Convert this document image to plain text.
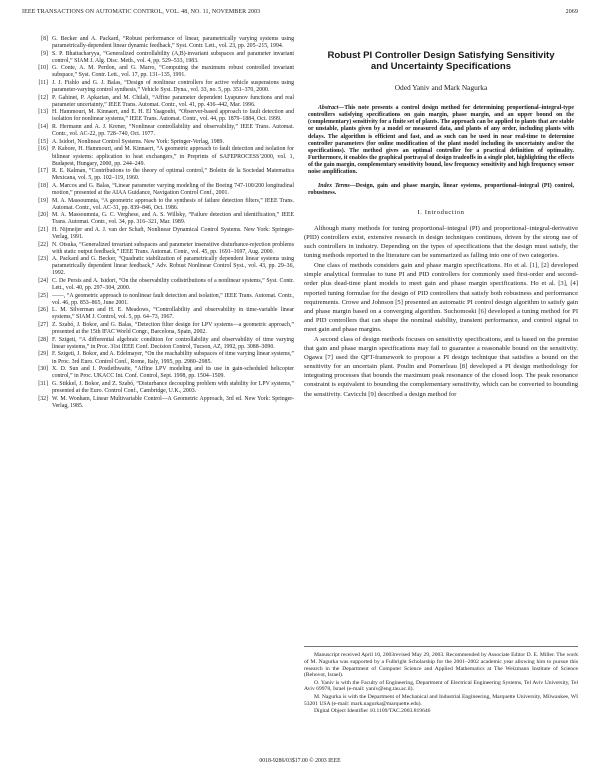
IEEE TRANSACTIONS ON AUTOMATIC CONTROL, VOL. 48, NO. 11, NOVEMBER 2003	2069
[8] G. Becker and A. Packard, “Robust performance of linear, parametrically varying systems using parametrically-dependent linear dynamic feedback,” Syst. Contr. Lett., vol. 23, pp. 205–215, 1994.
[9] S. P. Bhattacharyya, “Generalized controllability (A,B)-invariant subspaces and parameter invariant control,” SIAM J. Alg. Disc. Meth., vol. 4, pp. 529–533, 1983.
[10] G. Conte, A. M. Perdon, and G. Marro, “Computing the maximum robust controlled invariant subspace,” Syst. Contr. Lett., vol. 17, pp. 131–135, 1991.
[11] J. J. Fishlo and G. J. Balas, “Design of nonlinear controllers for active vehicle suspensions using parameter-varying control synthesis,” Vehicle Syst. Dyna., vol. 33, no. 5, pp. 351–370, 2000.
[12] P. Gahinet, P. Apkarian, and M. Chilali, “Affine parameter dependent Lyapunov functions and real parameter uncertainty,” IEEE Trans. Automat. Contr., vol. 41, pp. 436–442, Mar. 1996.
[13] H. Hammouri, M. Kinnaert, and E. H. El Yaagoubi, “Observer-based approach to fault detection and isolation for nonlinear systems,” IEEE Trans. Automat. Contr., vol. 44, pp. 1879–1884, Oct. 1999.
[14] R. Hermann and A. J. Krener, “Nonlinear controllability and observability,” IEEE Trans. Automat. Contr., vol. AC-22, pp. 728–740, Oct. 1977.
[15] A. Isidori, Nonlinear Control Systems. New York: Springer-Verlag, 1989.
[16] P. Kabore, H. Hammouri, and M. Kinnaert, “A geometric approach to fault detection and isolation for bilinear systems: application to heat exchangers,” in Preprints of SAFEPROCESS’2000, vol. 1, Budapest, Hungary, 2000, pp. 244–249.
[17] R. E. Kalman, “Contributions to the theory of optimal control,” Boletin de la Sociedad Matematica Mexicana, vol. 5, pp. 102–119, 1960.
[18] A. Marcos and G. Balas, “Linear parameter varying modeling of the Boeing 747-100/200 longitudinal motion,” presented at the AIAA Guidance, Navigation Control Conf., 2001.
[19] M. A. Massoumnia, “A geometric approach to the synthesis of failure detection filters,” IEEE Trans. Automat. Contr., vol. AC-31, pp. 839–846, Oct. 1986.
[20] M. A. Massoumnia, G. C. Verghese, and A. S. Willsky, “Failure detection and identification,” IEEE Trans. Automat. Contr., vol. 34, pp. 316–321, Mar. 1989.
[21] H. Nijmeijer and A. J. van der Schaft, Nonlinear Dynamical Control Systems. New York: Springer-Verlag, 1991.
[22] N. Otsuka, “Generalized invariant subspaces and parameter insensitive disturbance-rejection problems with static output feedback,” IEEE Trans. Automat. Contr., vol. 45, pp. 1691–1697, Aug. 2000.
[23] A. Packard and G. Becker, “Quadratic stabilization of parametrically dependent linear systems using parametrically dependent linear feedback,” Adv. Robust Nonlinear Control Syst., vol. 43, pp. 29–36, 1992.
[24] C. De Persis and A. Isidori, “On the observability codistributions of a nonlinear systems,” Syst. Contr. Lett., vol. 40, pp. 297–304, 2000.
[25] ——, “A geometric approach to nonlinear fault detection and isolation,” IEEE Trans. Automat. Contr., vol. 46, pp. 853–865, June 2001.
[26] L. M. Silverman and H. E. Meadows, “Controllability and observability in time-variable linear systems,” SIAM J. Control, vol. 5, pp. 64–73, 1967.
[27] Z. Szabó, J. Bokor, and G. Balas, “Detection filter design for LPV systems—a geometric approach,” presented at the 15th IFAC World Congr., Barcelona, Spain, 2002.
[28] F. Szigeti, “A differential algebraic condition for controllability and observability of time varying linear systems,” in Proc. 31st IEEE Conf. Decision Control, Tucson, AZ, 1992, pp. 3088–3090.
[29] F. Szigeti, J. Bokor, and A. Edelmayer, “On the reachability subspaces of time varying linear systems,” in Proc. 3rd Euro. Control Conf., Rome, Italy, 1995, pp. 2980–2985.
[30] X. D. Sun and I. Postlethwaite, “Affine LPV modeling and its use in gain-scheduled helicopter control,” in Proc. UKACC Int. Conf. Control, Sept. 1998, pp. 1504–1509.
[31] G. Stikkel, J. Bokor, and Z. Szabó, “Disturbance decoupling problem with stability for LPV systems,” presented at the Euro. Control Conf., Cambridge, U.K., 2003.
[32] W. M. Wonham, Linear Multivariable Control—A Geometric Approach, 3rd ed. New York: Springer-Verlag, 1985.
Robust PI Controller Design Satisfying Sensitivity and Uncertainty Specifications
Oded Yaniv and Mark Nagurka
Abstract—This note presents a control design method for determining proportional–integral-type controllers satisfying specifications on gain margin, phase margin, and an upper bound on the (complementary) sensitivity for a finite set of plants. The approach can be applied to plants that are stable or unstable, plants given by a model or measured data, and plants of any order, including plants with delays. The algorithm is efficient and fast, and as such can be used in near real-time to determine controller parameters (for online modification of the plant model including its uncertainty and/or the specifications). The method gives an optimal controller for a practical definition of optimality. Furthermore, it enables the graphical portrayal of design tradeoffs in a single plot, highlighting the effects of the gain margin, complementary sensitivity bound, low frequency sensitivity and high frequency sensor noise amplification.
Index Terms—Design, gain and phase margin, linear systems, proportional–integral (PI) control, robustness.
I. Introduction

Although many methods for tuning proportional–integral (PI) and proportional–integral-derivative (PID) controllers exist, extensive research in design techniques continues, driven by the strong use of such controllers in industry. Depending on the types of specifications that the design must satisfy, the tuning methods reported in the literature can be summarized as falling into one of two categories.

One class of methods considers gain and phase margin specifications. Ho et al. [1], [2] developed simple analytical formulae to tune PI and PID controllers for commonly used first-order and second-order plus dead-time plant models to meet gain and phase margin specifications. Ho et al. [3], [4] reported tuning formulae for the design of PID controllers that satisfy both robustness and performance requirements. Crowe and Johnson [5] presented an automatic PI control design algorithm to satisfy gain and phase margin based on a converging algorithm. Suchomoski [6] developed a tuning method for PI and PID controllers that can shape the nominal stability, transient performance, and control signal to meet gain and phase margins.

A second class of design methods focuses on sensitivity specifications, and is based on the premise that gain and phase margin specifications may fail to guarantee a reasonable bound on the sensitivity. Ogawa [7] used the QFT-framework to propose a PI design technique that satisfies a bound on the sensitivity for an uncertain plant. Poulin and Pomerleau [8] developed a PI design methodology for integrating processes that bounds the maximum peak resonance of the closed loop. The peak resonance constraint is equivalent to bounding the complementary sensitivity, which can be converted to bounding the sensitivity. Cavicchi [9] described a design method for

Manuscript received April 10, 2003revised May 29, 2003. Recommended by Associate Editor D. E. Miller. The work of M. Nagurka was supported by a Fulbright Scholarship for the 2001–2002 academic year allowing him to pursue this research in the Department of Computer Science and Applied Mathematics at The Weizmann Institute of Science (Rehovot, Israel).

O. Yaniv is with the Faculty of Engineering, Department of Electrical Engineering Systems, Tel Aviv University, Tel Aviv 69978, Israel (e-mail: yaniv@eng.tau.ac.il).

M. Nagurka is with the Department of Mechanical and Industrial Engineering, Marquette University, Milwaukee, WI 53201 USA (e-mail: mark.nagurka@marquette.edu).

Digital Object Identifier 10.1109/TAC.2003.819646

0018-9286/03$17.00 © 2003 IEEE
